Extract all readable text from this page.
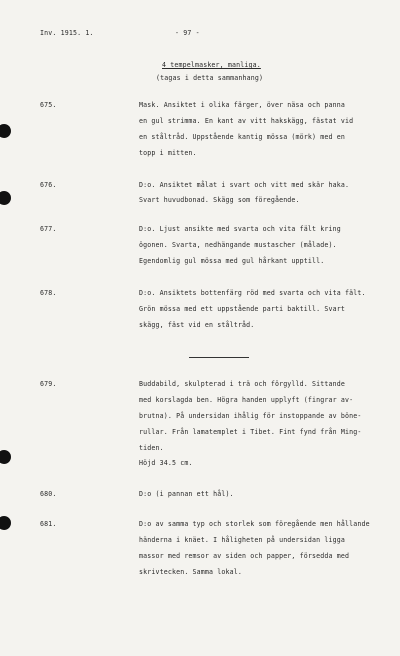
Inv. 1915. 1.	- 97 -
4 tempelmasker, manliga.
(tagas i detta sammanhang)
675.	Mask. Ansiktet i olika färger, över näsa och panna
en gul strimma. En kant av vitt hakskägg, fästat vid
en ståltråd. Uppstående kantig mössa (mörk) med en
topp i mitten.
676.	D:o. Ansiktet målat i svart och vitt med skär haka.
Svart huvudbonad. Skägg som föregående.
677.	D:o. Ljust ansikte med svarta och vita fält kring
ögonen. Svarta, nedhängande mustascher (målade).
Egendomlig gul mössa med gul hårkant upptill.
678.	D:o. Ansiktets bottenfärg röd med svarta och vita fält.
Grön mössa med ett uppstående parti baktill. Svart
skägg, fäst vid en ståltråd.
679.	Buddabild, skulpterad i trä och förgylld. Sittande
med korslagda ben. Högra handen upplyft (fingrar av-
brutna). På undersidan ihålig för instoppande av böne-
rullar. Från lamatemplet i Tibet. Fint fynd från Ming-
tiden.
Höjd 34.5 cm.
680.	D:o (i pannan ett hål).
681.	D:o av samma typ och storlek som föregående men hållande
händerna i knäet. I håligheten på undersidan ligga
massor med remsor av siden och papper, försedda med
skrivtecken. Samma lokal.
